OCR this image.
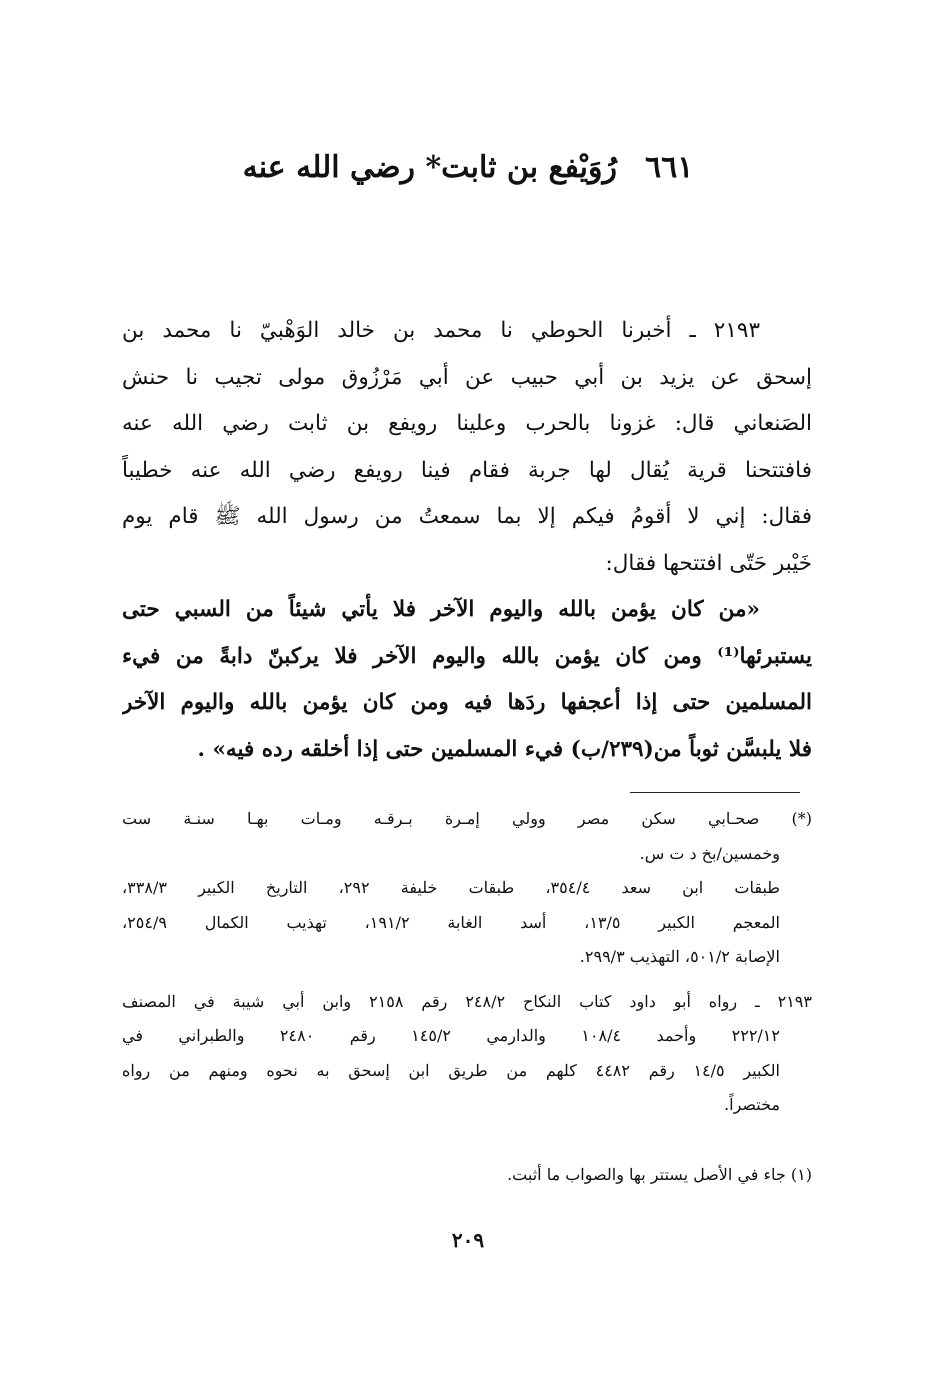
٦٦١رُوَيْفع بن ثابت* رضي الله عنه
٢١٩٣ ـ أخبرنا الحوطي نا محمد بن خالد الوَهْبيّ نا محمد بن
إسحق عن يزيد بن أبي حبيب عن أبي مَرْزُوق مولى تجيب نا حنش
الصَنعاني قال: غزونا بالحرب وعلينا رويفع بن ثابت رضي الله عنه
فافتتحنا قرية يُقال لها جربة فقام فينا رويفع رضي الله عنه خطيباً
فقال: إني لا أقومُ فيكم إلا بما سمعتُ من رسول الله ﷺ قام يوم
خَيْبر حَتّى افتتحها فقال:
«من كان يؤمن بالله واليوم الآخر فلا يأتي شيئاً من السبي حتى
يستبرئها⁽¹⁾ ومن كان يؤمن بالله واليوم الآخر فلا يركبنّ دابةً من فيء
المسلمين حتى إذا أعجفها ردَها فيه ومن كان يؤمن بالله واليوم الآخر
فلا يلبسَّن ثوباً من(٢٣٩/ب) فيء المسلمين حتى إذا أخلقه رده فيه» .
(*) صحـابي سكن مصر وولي إمـرة بـرقـه ومـات بهـا سنـة ست
وخمسين/بخ د ت س.
طبقات ابن سعد ٣٥٤/٤، طبقات خليفة ٢٩٢، التاريخ الكبير ٣٣٨/٣،
المعجم الكبير ١٣/٥، أسد الغابة ١٩١/٢، تهذيب الكمال ٢٥٤/٩،
الإصابة ٥٠١/٢، التهذيب ٢٩٩/٣.
٢١٩٣ ـ رواه أبو داود كتاب النكاح ٢٤٨/٢ رقم ٢١٥٨ وابن أبي شيبة في المصنف
٢٢٢/١٢ وأحمد ١٠٨/٤ والدارمي ١٤٥/٢ رقم ٢٤٨٠ والطبراني في
الكبير ١٤/٥ رقم ٤٤٨٢ كلهم من طريق ابن إسحق به نحوه ومنهم من رواه
مختصراً.
(١) جاء في الأصل يستتر بها والصواب ما أثبت.
٢٠٩
